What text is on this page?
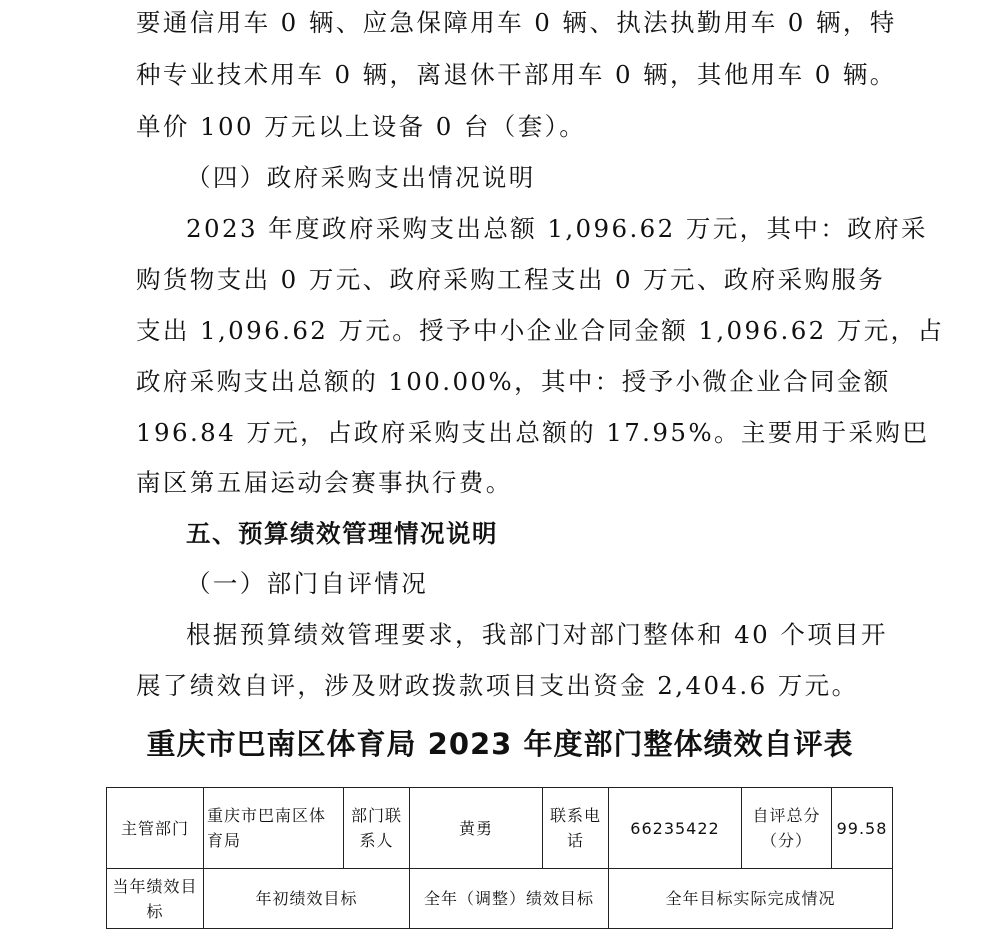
要通信用车 0 辆、应急保障用车 0 辆、执法执勤用车 0 辆，特
种专业技术用车 0 辆，离退休干部用车 0 辆，其他用车 0 辆。
单价 100 万元以上设备 0 台（套）。
（四）政府采购支出情况说明
2023 年度政府采购支出总额 1,096.62 万元，其中：政府采
购货物支出 0 万元、政府采购工程支出 0 万元、政府采购服务
支出 1,096.62 万元。授予中小企业合同金额 1,096.62 万元，占
政府采购支出总额的 100.00%，其中：授予小微企业合同金额
196.84 万元，占政府采购支出总额的 17.95%。主要用于采购巴
南区第五届运动会赛事执行费。
五、预算绩效管理情况说明
（一）部门自评情况
根据预算绩效管理要求，我部门对部门整体和 40 个项目开
展了绩效自评，涉及财政拨款项目支出资金 2,404.6 万元。
重庆市巴南区体育局 2023 年度部门整体绩效自评表
主管部门	重庆市巴南区体育局	部门联系人	黄勇	联系电话	66235422	自评总分（分）	99.58
当年绩效目标	年初绩效目标		全年（调整）绩效目标		全年目标实际完成情况		
